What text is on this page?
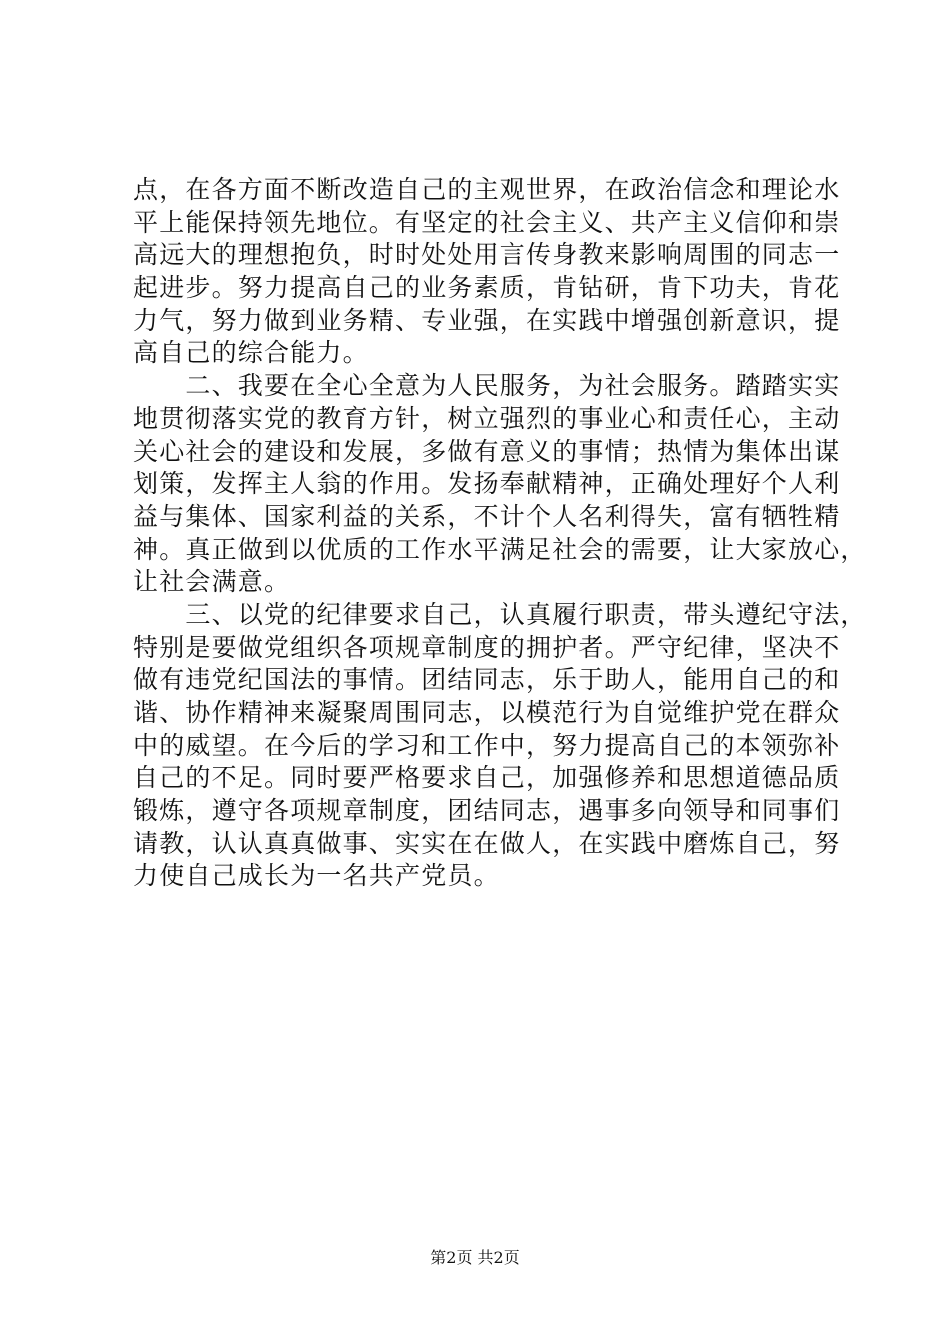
点，在各方面不断改造自己的主观世界，在政治信念和理论水
平上能保持领先地位。有坚定的社会主义、共产主义信仰和崇
高远大的理想抱负，时时处处用言传身教来影响周围的同志一
起进步。努力提高自己的业务素质，肯钻研，肯下功夫，肯花
力气，努力做到业务精、专业强，在实践中增强创新意识，提
高自己的综合能力。
　　二、我要在全心全意为人民服务，为社会服务。踏踏实实
地贯彻落实党的教育方针，树立强烈的事业心和责任心，主动
关心社会的建设和发展，多做有意义的事情；热情为集体出谋
划策，发挥主人翁的作用。发扬奉献精神，正确处理好个人利
益与集体、国家利益的关系，不计个人名利得失，富有牺牲精
神。真正做到以优质的工作水平满足社会的需要，让大家放心，
让社会满意。
　　三、以党的纪律要求自己，认真履行职责，带头遵纪守法，
特别是要做党组织各项规章制度的拥护者。严守纪律，坚决不
做有违党纪国法的事情。团结同志，乐于助人，能用自己的和
谐、协作精神来凝聚周围同志，以模范行为自觉维护党在群众
中的威望。在今后的学习和工作中，努力提高自己的本领弥补
自己的不足。同时要严格要求自己，加强修养和思想道德品质
锻炼，遵守各项规章制度，团结同志，遇事多向领导和同事们
请教，认认真真做事、实实在在做人，在实践中磨炼自己，努
力使自己成长为一名共产党员。
第2页 共2页
